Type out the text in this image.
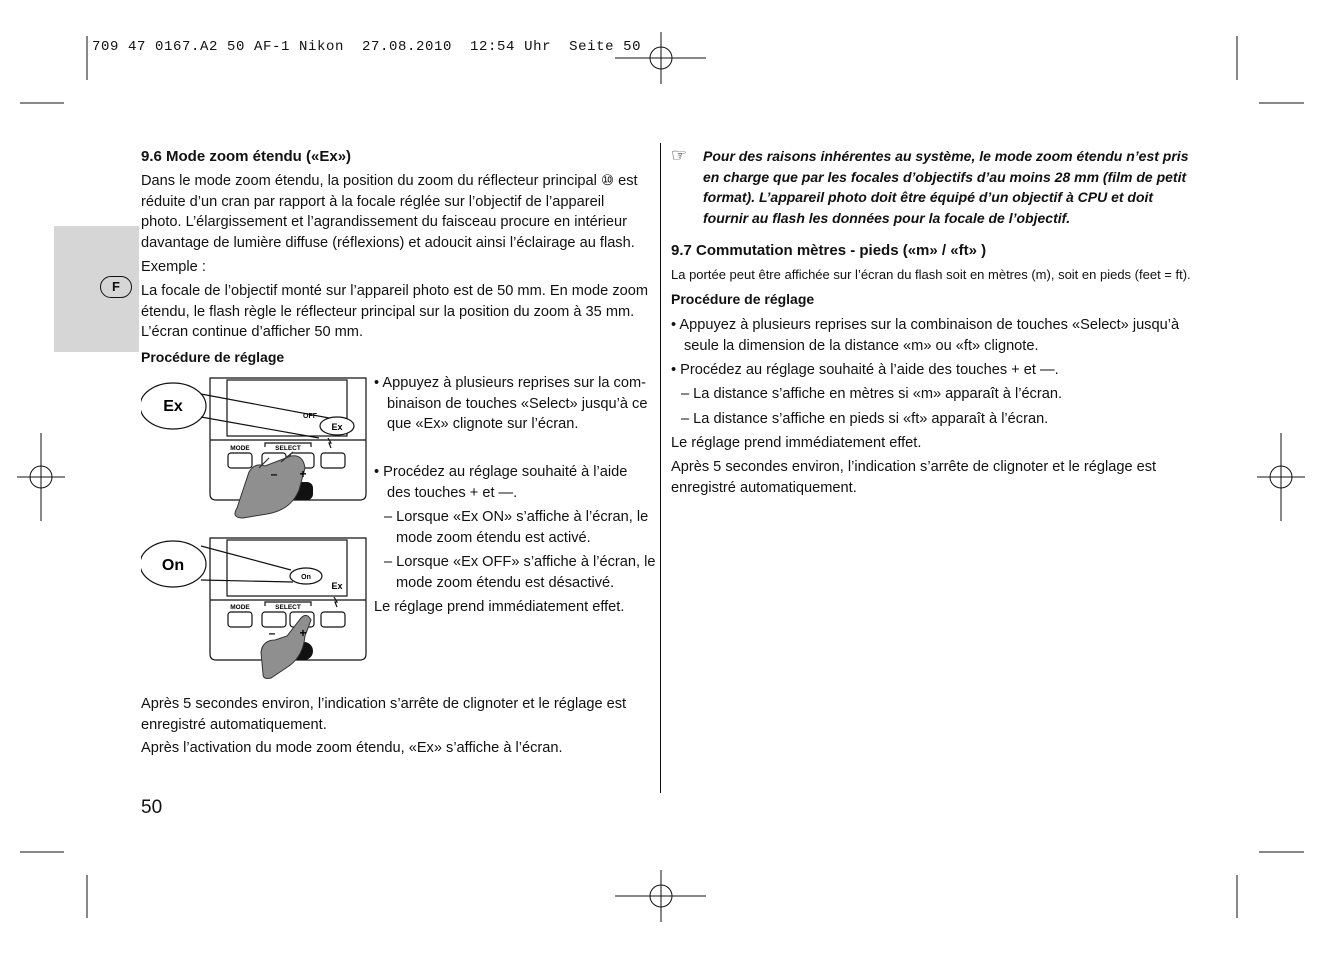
709 47 0167.A2 50 AF-1 Nikon  27.08.2010  12:54 Uhr  Seite 50
F
9.6 Mode zoom étendu («Ex»)
Dans le mode zoom étendu, la position du zoom du réflecteur principal ⑩ est
réduite d’un cran par rapport à la focale réglée sur l’objectif de l’appareil
photo. L’élargissement et l’agrandissement du faisceau procure en intérieur
davantage de lumière diffuse (réflexions) et adoucit ainsi l’éclairage au flash.
Exemple :
La focale de l’objectif monté sur l’appareil photo est de 50 mm. En mode zoom
étendu, le flash règle le réflecteur principal sur la position du zoom à 35 mm.
L’écran continue d’afficher 50 mm.
Procédure de réglage
Ex
OFF
Ex
MODE	SELECT
+
–
On
On
Ex
MODE	SELECT
+
–
• Appuyez à plusieurs reprises sur la com-
binaison de touches «Select» jusqu’à ce
que «Ex» clignote sur l’écran.
• Procédez au réglage souhaité à l’aide
des touches + et —.
– Lorsque «Ex ON» s’affiche à l’écran, le
mode zoom étendu est activé.
– Lorsque «Ex OFF» s’affiche à l’écran, le
mode zoom étendu est désactivé.
Le réglage prend immédiatement effet.
Après 5 secondes environ, l’indication s’arrête de clignoter et le réglage est
enregistré automatiquement.
Après l’activation du mode zoom étendu, «Ex» s’affiche à l’écran.
☞ Pour des raisons inhérentes au système, le mode zoom étendu n’est pris
en charge que par les focales d’objectifs d’au moins 28 mm (film de petit
format). L’appareil photo doit être équipé d’un objectif à CPU et doit
fournir au flash les données pour la focale de l’objectif.
9.7 Commutation mètres - pieds («m» / «ft» )
La portée peut être affichée sur l’écran du flash soit en mètres (m), soit en pieds (feet = ft).
Procédure de réglage
• Appuyez à plusieurs reprises sur la combinaison de touches «Select» jusqu’à
seule la dimension de la distance «m» ou «ft» clignote.
• Procédez au réglage souhaité à l’aide des touches + et —.
– La distance s’affiche en mètres si «m» apparaît à l’écran.
– La distance s’affiche en pieds si «ft» apparaît à l’écran.
Le réglage prend immédiatement effet.
Après 5 secondes environ, l’indication s’arrête de clignoter et le réglage est
enregistré automatiquement.
50
